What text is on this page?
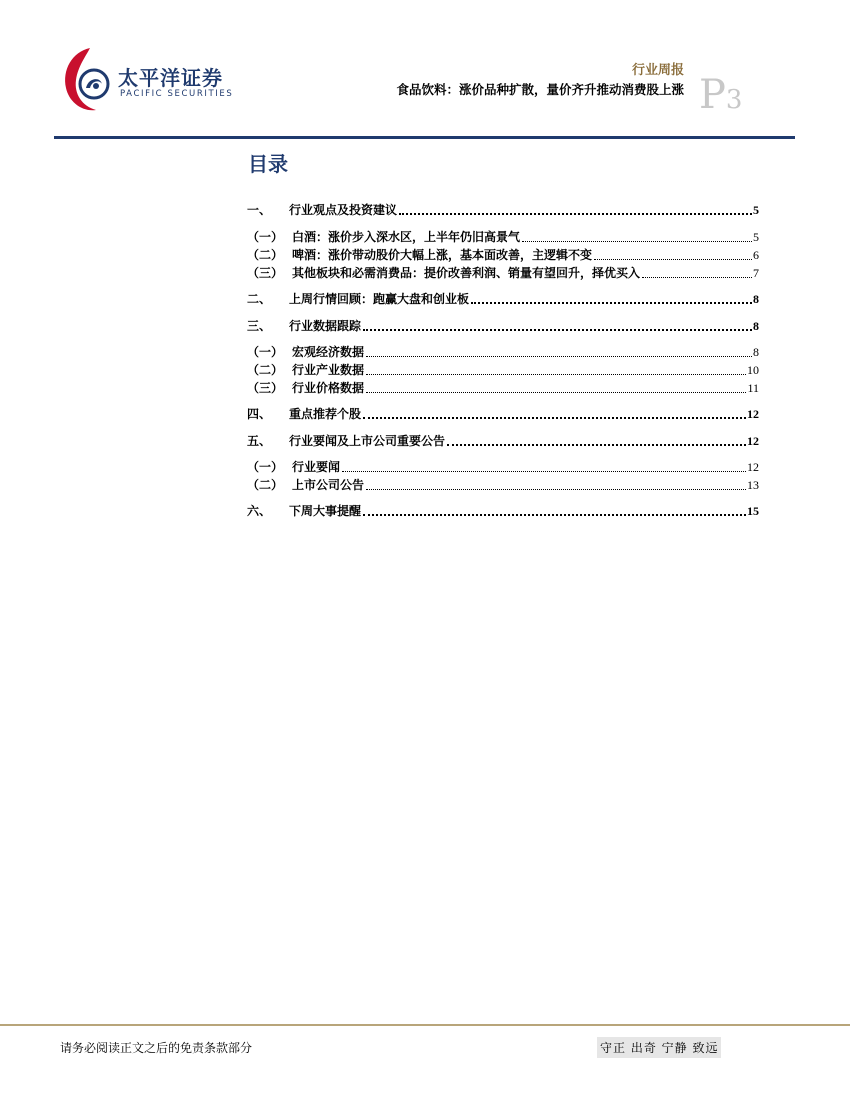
太平洋证券
PACIFIC SECURITIES
行业周报
食品饮料：涨价品种扩散，量价齐升推动消费股上涨 P3
目录
一、	行业观点及投资建议	5
（一） 白酒：涨价步入深水区，上半年仍旧高景气	5
（二） 啤酒：涨价带动股价大幅上涨，基本面改善，主逻辑不变	6
（三） 其他板块和必需消费品：提价改善利润、销量有望回升，择优买入	7
二、	上周行情回顾：跑赢大盘和创业板	8
三、	行业数据跟踪	8
（一） 宏观经济数据	8
（二） 行业产业数据	10
（三） 行业价格数据	11
四、	重点推荐个股	12
五、	行业要闻及上市公司重要公告	12
（一） 行业要闻	12
（二） 上市公司公告	13
六、	下周大事提醒	15
请务必阅读正文之后的免责条款部分	守正 出奇 宁静 致远
